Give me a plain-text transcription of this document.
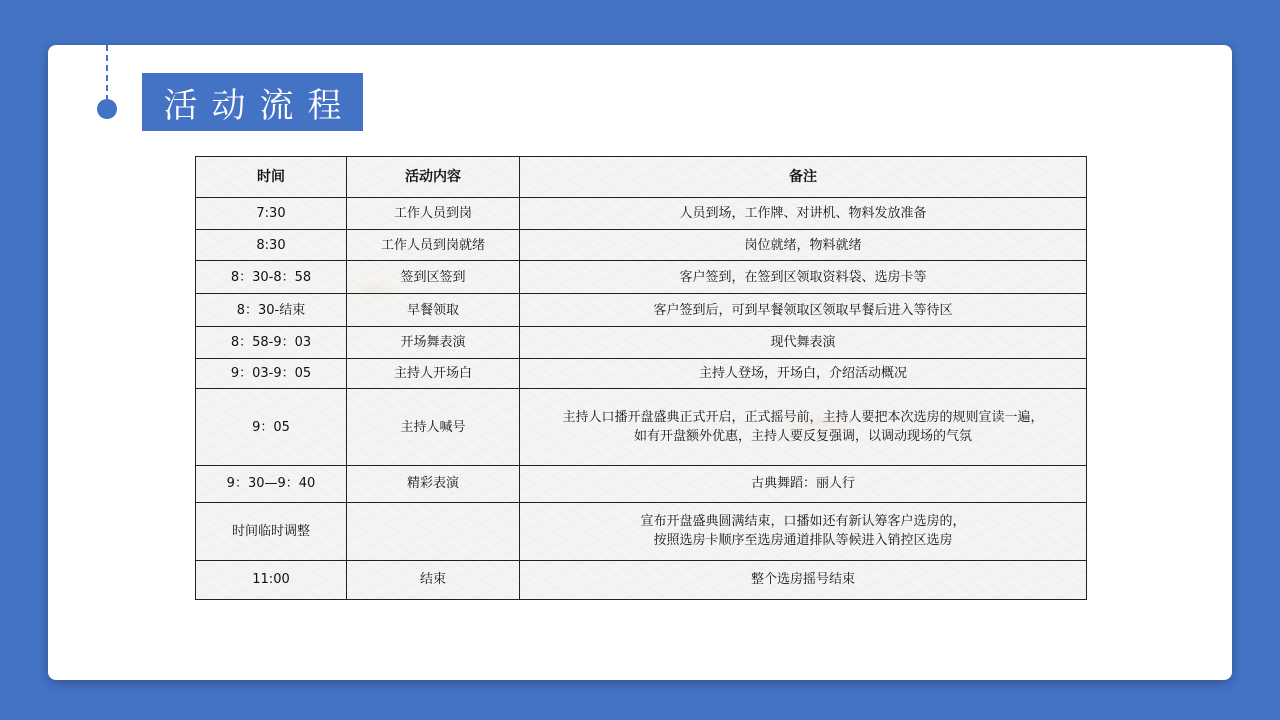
活动流程
时间	活动内容	备注
7:30	工作人员到岗	人员到场，工作牌、对讲机、物料发放准备
8:30	工作人员到岗就绪	岗位就绪，物料就绪
8：30-8：58	签到区签到	客户签到，在签到区领取资料袋、选房卡等
8：30-结束	早餐领取	客户签到后，可到早餐领取区领取早餐后进入等待区
8：58-9：03	开场舞表演	现代舞表演
9：03-9：05	主持人开场白	主持人登场，开场白，介绍活动概况
9：05	主持人喊号	主持人口播开盘盛典正式开启，正式摇号前，主持人要把本次选房的规则宣读一遍，
如有开盘额外优惠，主持人要反复强调，以调动现场的气氛
9：30—9：40	精彩表演	古典舞蹈：丽人行
时间临时调整		宣布开盘盛典圆满结束，口播如还有新认筹客户选房的，
按照选房卡顺序至选房通道排队等候进入销控区选房
11:00	结束	整个选房摇号结束
